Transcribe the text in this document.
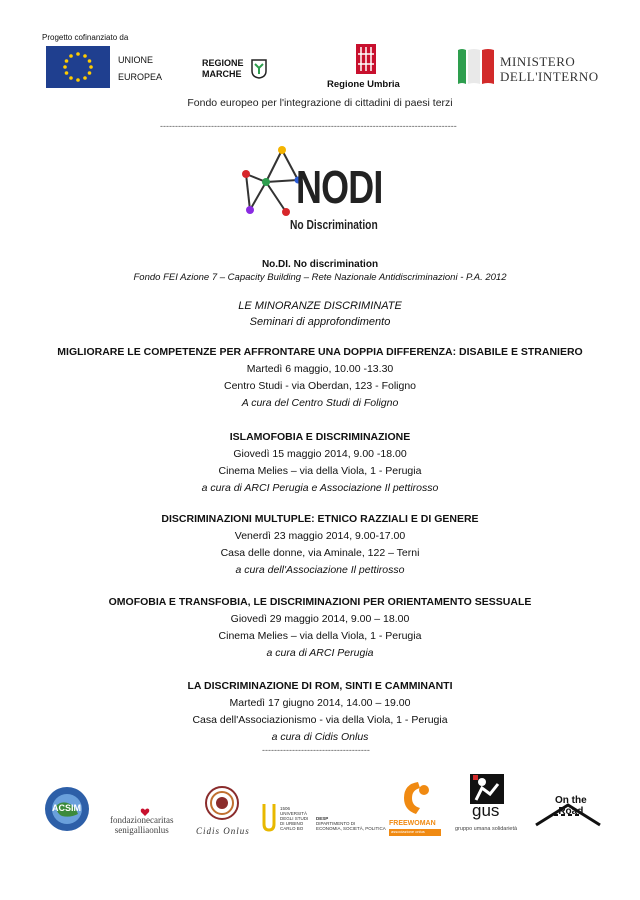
Progetto cofinanziato da
UNIONE
EUROPEA
REGIONE
MARCHE
Regione Umbria
MINISTERO
DELL'INTERNO
Fondo europeo per l'integrazione di cittadini di paesi terzi
---------------------------------------------------------------------------------------------------
NODI
No Discrimination
No.DI. No discrimination
Fondo FEI Azione 7 – Capacity Building – Rete Nazionale Antidiscriminazioni - P.A. 2012
LE MINORANZE DISCRIMINATE
Seminari di approfondimento
MIGLIORARE LE COMPETENZE PER AFFRONTARE UNA DOPPIA DIFFERENZA: DISABILE E STRANIERO
Martedì 6 maggio, 10.00 -13.30
Centro Studi - via Oberdan, 123 - Foligno
A cura del Centro Studi di Foligno
ISLAMOFOBIA E DISCRIMINAZIONE
Giovedì 15 maggio 2014, 9.00 -18.00
Cinema Melies – via della Viola, 1 - Perugia
a cura di ARCI Perugia e Associazione Il pettirosso
DISCRIMINAZIONI MULTUPLE: ETNICO RAZZIALI E DI GENERE
Venerdì 23 maggio 2014, 9.00-17.00
Casa delle donne, via Aminale, 122 – Terni
a cura dell'Associazione Il pettirosso
OMOFOBIA E TRANSFOBIA, LE DISCRIMINAZIONI PER ORIENTAMENTO SESSUALE
Giovedì 29 maggio 2014, 9.00 – 18.00
Cinema Melies – via della Viola, 1 - Perugia
a cura di ARCI Perugia
LA DISCRIMINAZIONE DI ROM, SINTI E CAMMINANTI
Martedì 17 giugno 2014, 14.00 – 19.00
Casa dell'Associazionismo - via della Viola, 1 - Perugia
a cura di Cidis Onlus
------------------------------------
ACSIM
fondazionecaritas
senigalliaonlus	Cidis Onlus
1506
UNIVERSITÀ
DEGLI STUDI
DI URBINO
CARLO BO
DESP
DIPARTIMENTO DI
ECONOMIA, SOCIETÀ, POLITICA
FREEWOMAN
associazione onlus
gus
gruppo umana solidarietà
On the
Road
